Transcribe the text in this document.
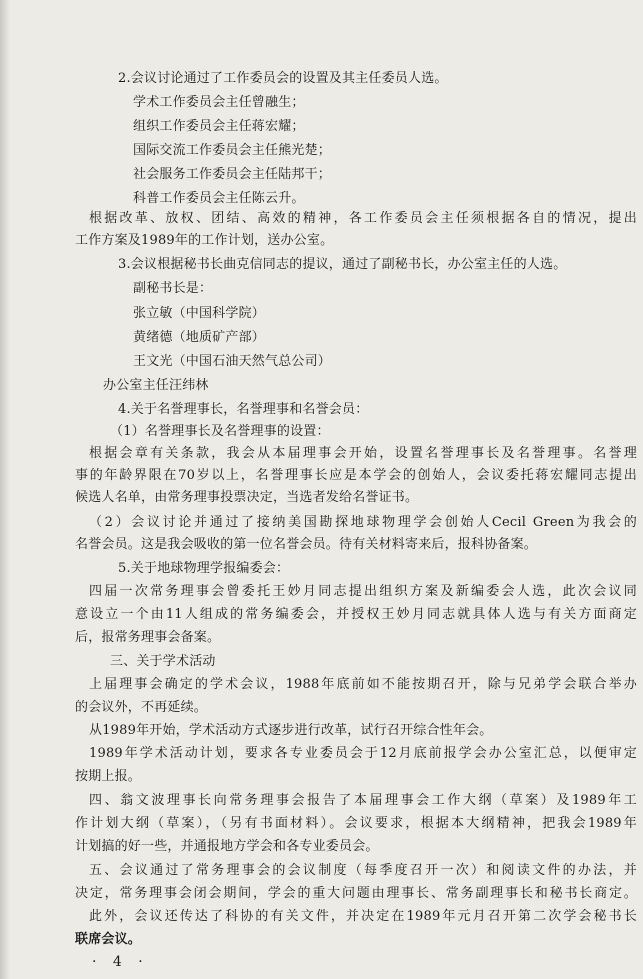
2.会议讨论通过了工作委员会的设置及其主任委员人选。
学术工作委员会主任曾融生；
组织工作委员会主任蒋宏耀；
国际交流工作委员会主任熊光楚；
社会服务工作委员会主任陆邦干；
科普工作委员会主任陈云升。
根据改革、放权、团结、高效的精神，各工作委员会主任须根据各自的情况，提出
工作方案及1989年的工作计划，送办公室。
3.会议根据秘书长曲克信同志的提议，通过了副秘书长，办公室主任的人选。
副秘书长是：
张立敏（中国科学院）
黄绪德（地质矿产部）
王文光（中国石油天然气总公司）
办公室主任汪纬林
4.关于名誉理事长，名誉理事和名誉会员：
（1）名誉理事长及名誉理事的设置：
根据会章有关条款，我会从本届理事会开始，设置名誉理事长及名誉理事。名誉理
事的年龄界限在70岁以上，名誉理事长应是本学会的创始人，会议委托蒋宏耀同志提出
候选人名单，由常务理事投票决定，当选者发给名誉证书。
（2）会议讨论并通过了接纳美国勘探地球物理学会创始人Cecil Green为我会的
名誉会员。这是我会吸收的第一位名誉会员。待有关材料寄来后，报科协备案。
5.关于地球物理学报编委会：
四届一次常务理事会曾委托王妙月同志提出组织方案及新编委会人选，此次会议同
意设立一个由11人组成的常务编委会，并授权王妙月同志就具体人选与有关方面商定
后，报常务理事会备案。
三、关于学术活动
上届理事会确定的学术会议，1988年底前如不能按期召开，除与兄弟学会联合举办
的会议外，不再延续。
从1989年开始，学术活动方式逐步进行改革，试行召开综合性年会。
1989年学术活动计划，要求各专业委员会于12月底前报学会办公室汇总，以便审定
按期上报。
四、翁文波理事长向常务理事会报告了本届理事会工作大纲（草案）及1989年工
作计划大纲（草案），（另有书面材料）。会议要求，根据本大纲精神，把我会1989年
计划搞的好一些，并通报地方学会和各专业委员会。
五、会议通过了常务理事会的会议制度（每季度召开一次）和阅读文件的办法，并
决定，常务理事会闭会期间，学会的重大问题由理事长、常务副理事长和秘书长商定。
此外，会议还传达了科协的有关文件，并决定在1989年元月召开第二次学会秘书长
联席会议。
· 4 ·
